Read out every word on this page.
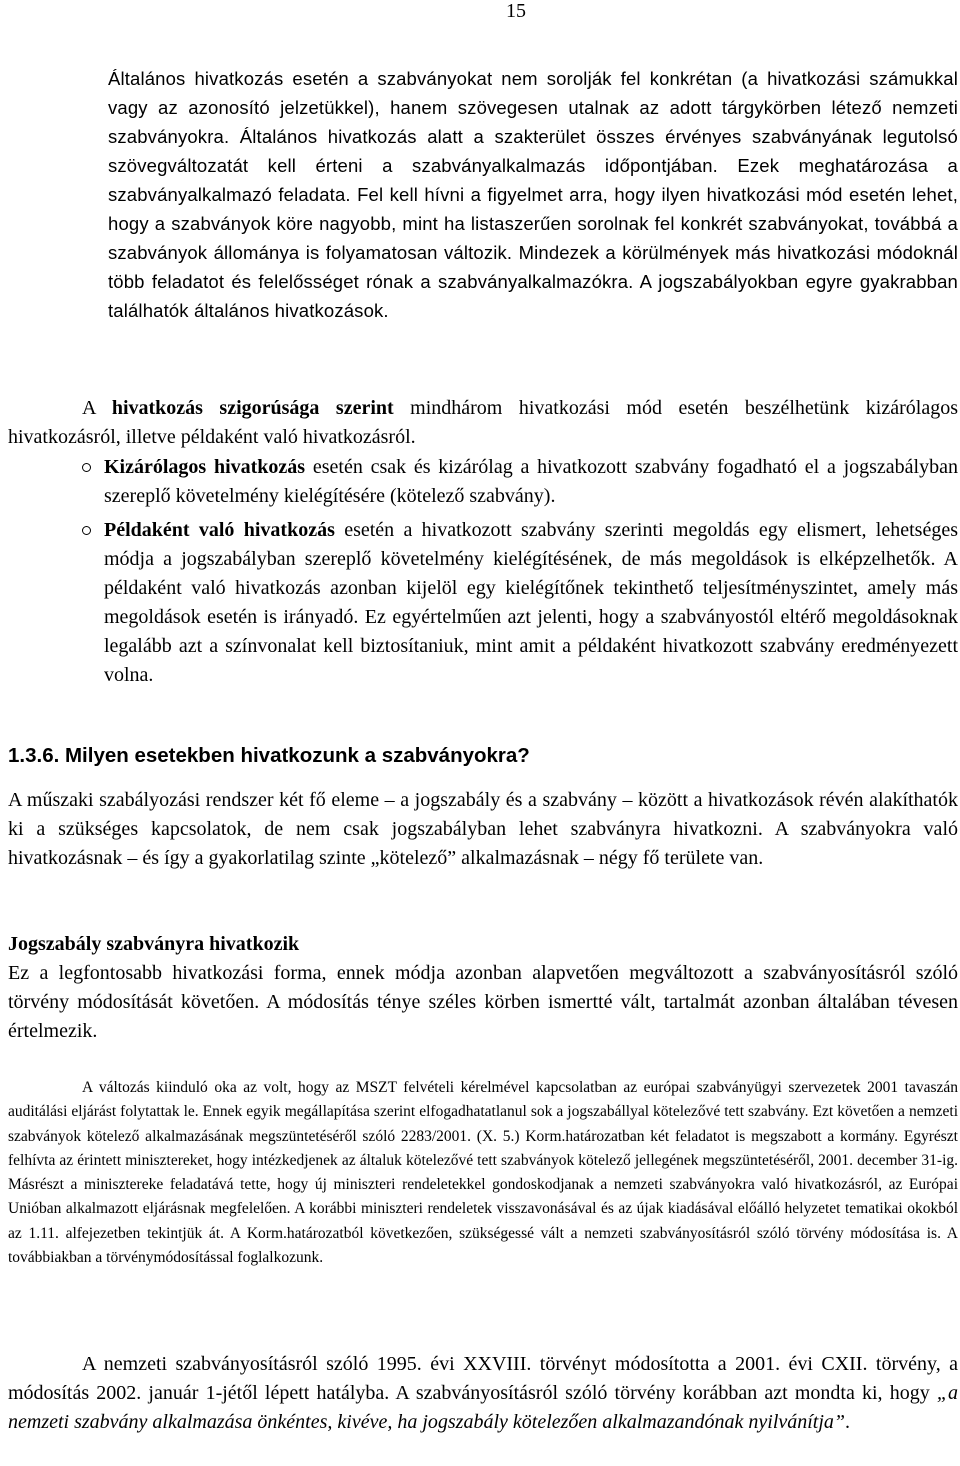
15

Általános hivatkozás esetén a szabványokat nem sorolják fel konkrétan (a hivatkozási számukkal vagy az azonosító jelzetükkel), hanem szövegesen utalnak az adott tárgykörben létező nemzeti szabványokra. Általános hivatkozás alatt a szakterület összes érvényes szabványának legutolsó szövegváltozatát kell érteni a szabványalkalmazás időpontjában. Ezek meghatározása a szabványalkalmazó feladata. Fel kell hívni a figyelmet arra, hogy ilyen hivatkozási mód esetén lehet, hogy a szabványok köre nagyobb, mint ha listaszerűen sorolnak fel konkrét szabványokat, továbbá a szabványok állománya is folyamatosan változik. Mindezek a körülmények más hivatkozási módoknál több feladatot és felelősséget rónak a szabványalkalmazókra. A jogszabályokban egyre gyakrabban találhatók általános hivatkozások.

A hivatkozás szigorúsága szerint mindhárom hivatkozási mód esetén beszélhetünk kizárólagos hivatkozásról, illetve példaként való hivatkozásról.

Kizárólagos hivatkozás esetén csak és kizárólag a hivatkozott szabvány fogadható el a jogszabályban szereplő követelmény kielégítésére (kötelező szabvány).
Példaként való hivatkozás esetén a hivatkozott szabvány szerinti megoldás egy elismert, lehetséges módja a jogszabályban szereplő követelmény kielégítésének, de más megoldások is elképzelhetők. A példaként való hivatkozás azonban kijelöl egy kielégítőnek tekinthető teljesítményszintet, amely más megoldások esetén is irányadó. Ez egyértelműen azt jelenti, hogy a szabványostól eltérő megoldásoknak legalább azt a színvonalat kell biztosítaniuk, mint amit a példaként hivatkozott szabvány eredményezett volna.
1.3.6. Milyen esetekben hivatkozunk a szabványokra?

A műszaki szabályozási rendszer két fő eleme – a jogszabály és a szabvány – között a hivatkozások révén alakíthatók ki a szükséges kapcsolatok, de nem csak jogszabályban lehet szabványra hivatkozni. A szabványokra való hivatkozásnak – és így a gyakorlatilag szinte „kötelező” alkalmazásnak – négy fő területe van.

Jogszabály szabványra hivatkozik
Ez a legfontosabb hivatkozási forma, ennek módja azonban alapvetően megváltozott a szabványosításról szóló törvény módosítását követően. A módosítás ténye széles körben ismertté vált, tartalmát azonban általában tévesen értelmezik.

A változás kiinduló oka az volt, hogy az MSZT felvételi kérelmével kapcsolatban az európai szabványügyi szervezetek 2001 tavaszán auditálási eljárást folytattak le. Ennek egyik megállapítása szerint elfogadhatatlanul sok a jogszabállyal kötelezővé tett szabvány. Ezt követően a nemzeti szabványok kötelező alkalmazásának megszüntetéséről szóló 2283/2001. (X. 5.) Korm.határozatban két feladatot is megszabott a kormány. Egyrészt felhívta az érintett minisztereket, hogy intézkedjenek az általuk kötelezővé tett szabványok kötelező jellegének megszüntetéséről, 2001. december 31-ig. Másrészt a minisztereke feladatává tette, hogy új miniszteri rendeletekkel gondoskodjanak a nemzeti szabványokra való hivatkozásról, az Európai Unióban alkalmazott eljárásnak megfelelően. A korábbi miniszteri rendeletek visszavonásával és az újak kiadásával előálló helyzetet tematikai okokból az 1.11. alfejezetben tekintjük át. A Korm.határozatból következően, szükségessé vált a nemzeti szabványosításról szóló törvény módosítása is. A továbbiakban a törvénymódosítással foglalkozunk.

A nemzeti szabványosításról szóló 1995. évi XXVIII. törvényt módosította a 2001. évi CXII. törvény, a módosítás 2002. január 1-jétől lépett hatályba. A szabványosításról szóló törvény korábban azt mondta ki, hogy „a nemzeti szabvány alkalmazása önkéntes, kivéve, ha jogszabály kötelezően alkalmazandónak nyilvánítja”.
